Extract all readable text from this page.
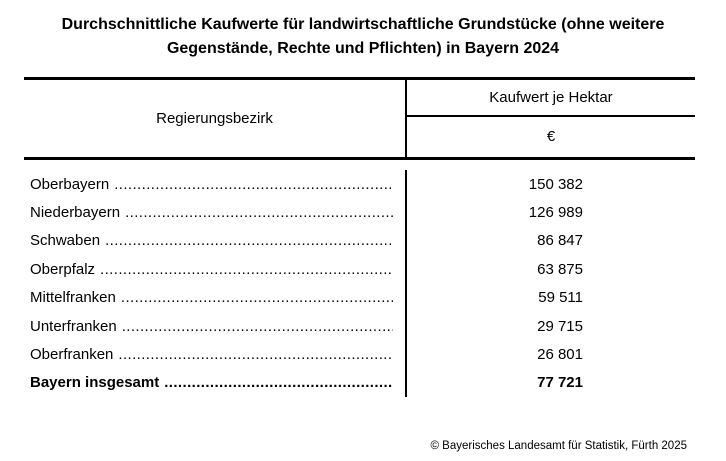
Durchschnittliche Kaufwerte für landwirtschaftliche Grundstücke (ohne weitere Gegenstände, Rechte und Pflichten) in Bayern 2024
Regierungsbezirk
Kaufwert je Hektar
€
Oberbayern .....	150 382
Niederbayern .....	126 989
Schwaben .....	86 847
Oberpfalz .....	63 875
Mittelfranken .....	59 511
Unterfranken .....	29 715
Oberfranken .....	26 801
Bayern insgesamt .....	77 721
© Bayerisches Landesamt für Statistik, Fürth 2025
